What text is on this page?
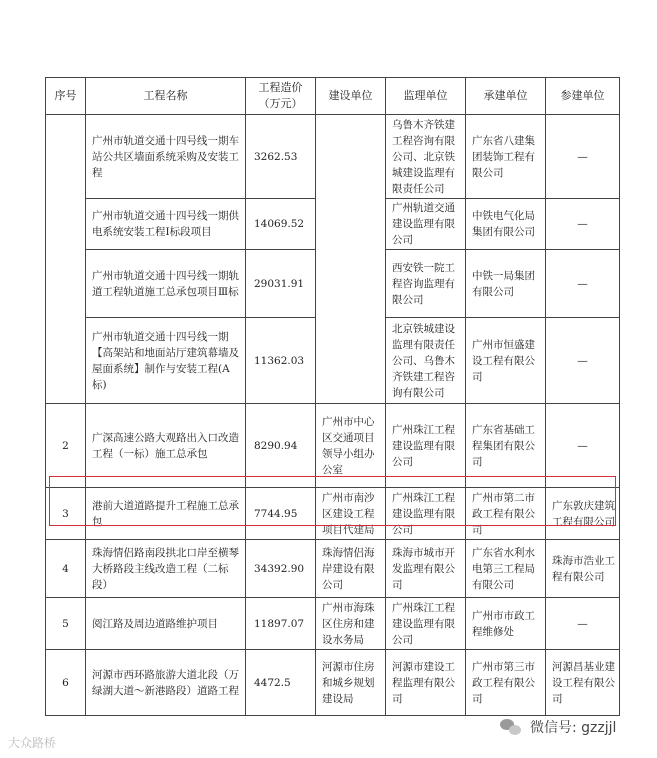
序号	工程名称	工程造价（万元）	建设单位	监理单位	承建单位	参建单位
	广州市轨道交通十四号线一期车站公共区墙面系统采购及安装工程	3262.53		乌鲁木齐铁建工程咨询有限公司、北京铁城建设监理有限责任公司	广东省八建集团装饰工程有限公司	—
	广州市轨道交通十四号线一期供电系统安装工程Ⅰ标段项目	14069.52		广州轨道交通建设监理有限公司	中铁电气化局集团有限公司	—
	广州市轨道交通十四号线一期轨道工程轨道施工总承包项目Ⅲ标	29031.91		西安铁一院工程咨询监理有限公司	中铁一局集团有限公司	—
	广州市轨道交通十四号线一期【高架站和地面站厅建筑幕墙及屋面系统】制作与安装工程(A标)	11362.03		北京铁城建设监理有限责任公司、乌鲁木齐铁建工程咨询有限公司	广州市恒盛建设工程有限公司	—
2	广深高速公路大观路出入口改造工程（一标）施工总承包	8290.94	广州市中心区交通项目领导小组办公室	广州珠江工程建设监理有限公司	广东省基础工程集团有限公司	—
3	港前大道道路提升工程施工总承包	7744.95	广州市南沙区建设工程项目代建局	广州珠江工程建设监理有限公司	广州市第二市政工程有限公司	广东敦庆建筑工程有限公司
4	珠海情侣路南段拱北口岸至横琴大桥路段主线改造工程（二标段）	34392.90	珠海情侣海岸建设有限公司	珠海市城市开发监理有限公司	广东省水利水电第三工程局有限公司	珠海市浩业工程有限公司
5	阅江路及周边道路维护项目	11897.07	广州市海珠区住房和建设水务局	广州珠江工程建设监理有限公司	广州市市政工程维修处	—
6	河源市西环路旅游大道北段（万绿湖大道～新港路段）道路工程	4472.5	河源市住房和城乡规划建设局	河源市建设工程监理有限公司	广州市第三市政工程有限公司	河源昌基业建设工程有限公司
大众路桥
微信号: gzzjjl
